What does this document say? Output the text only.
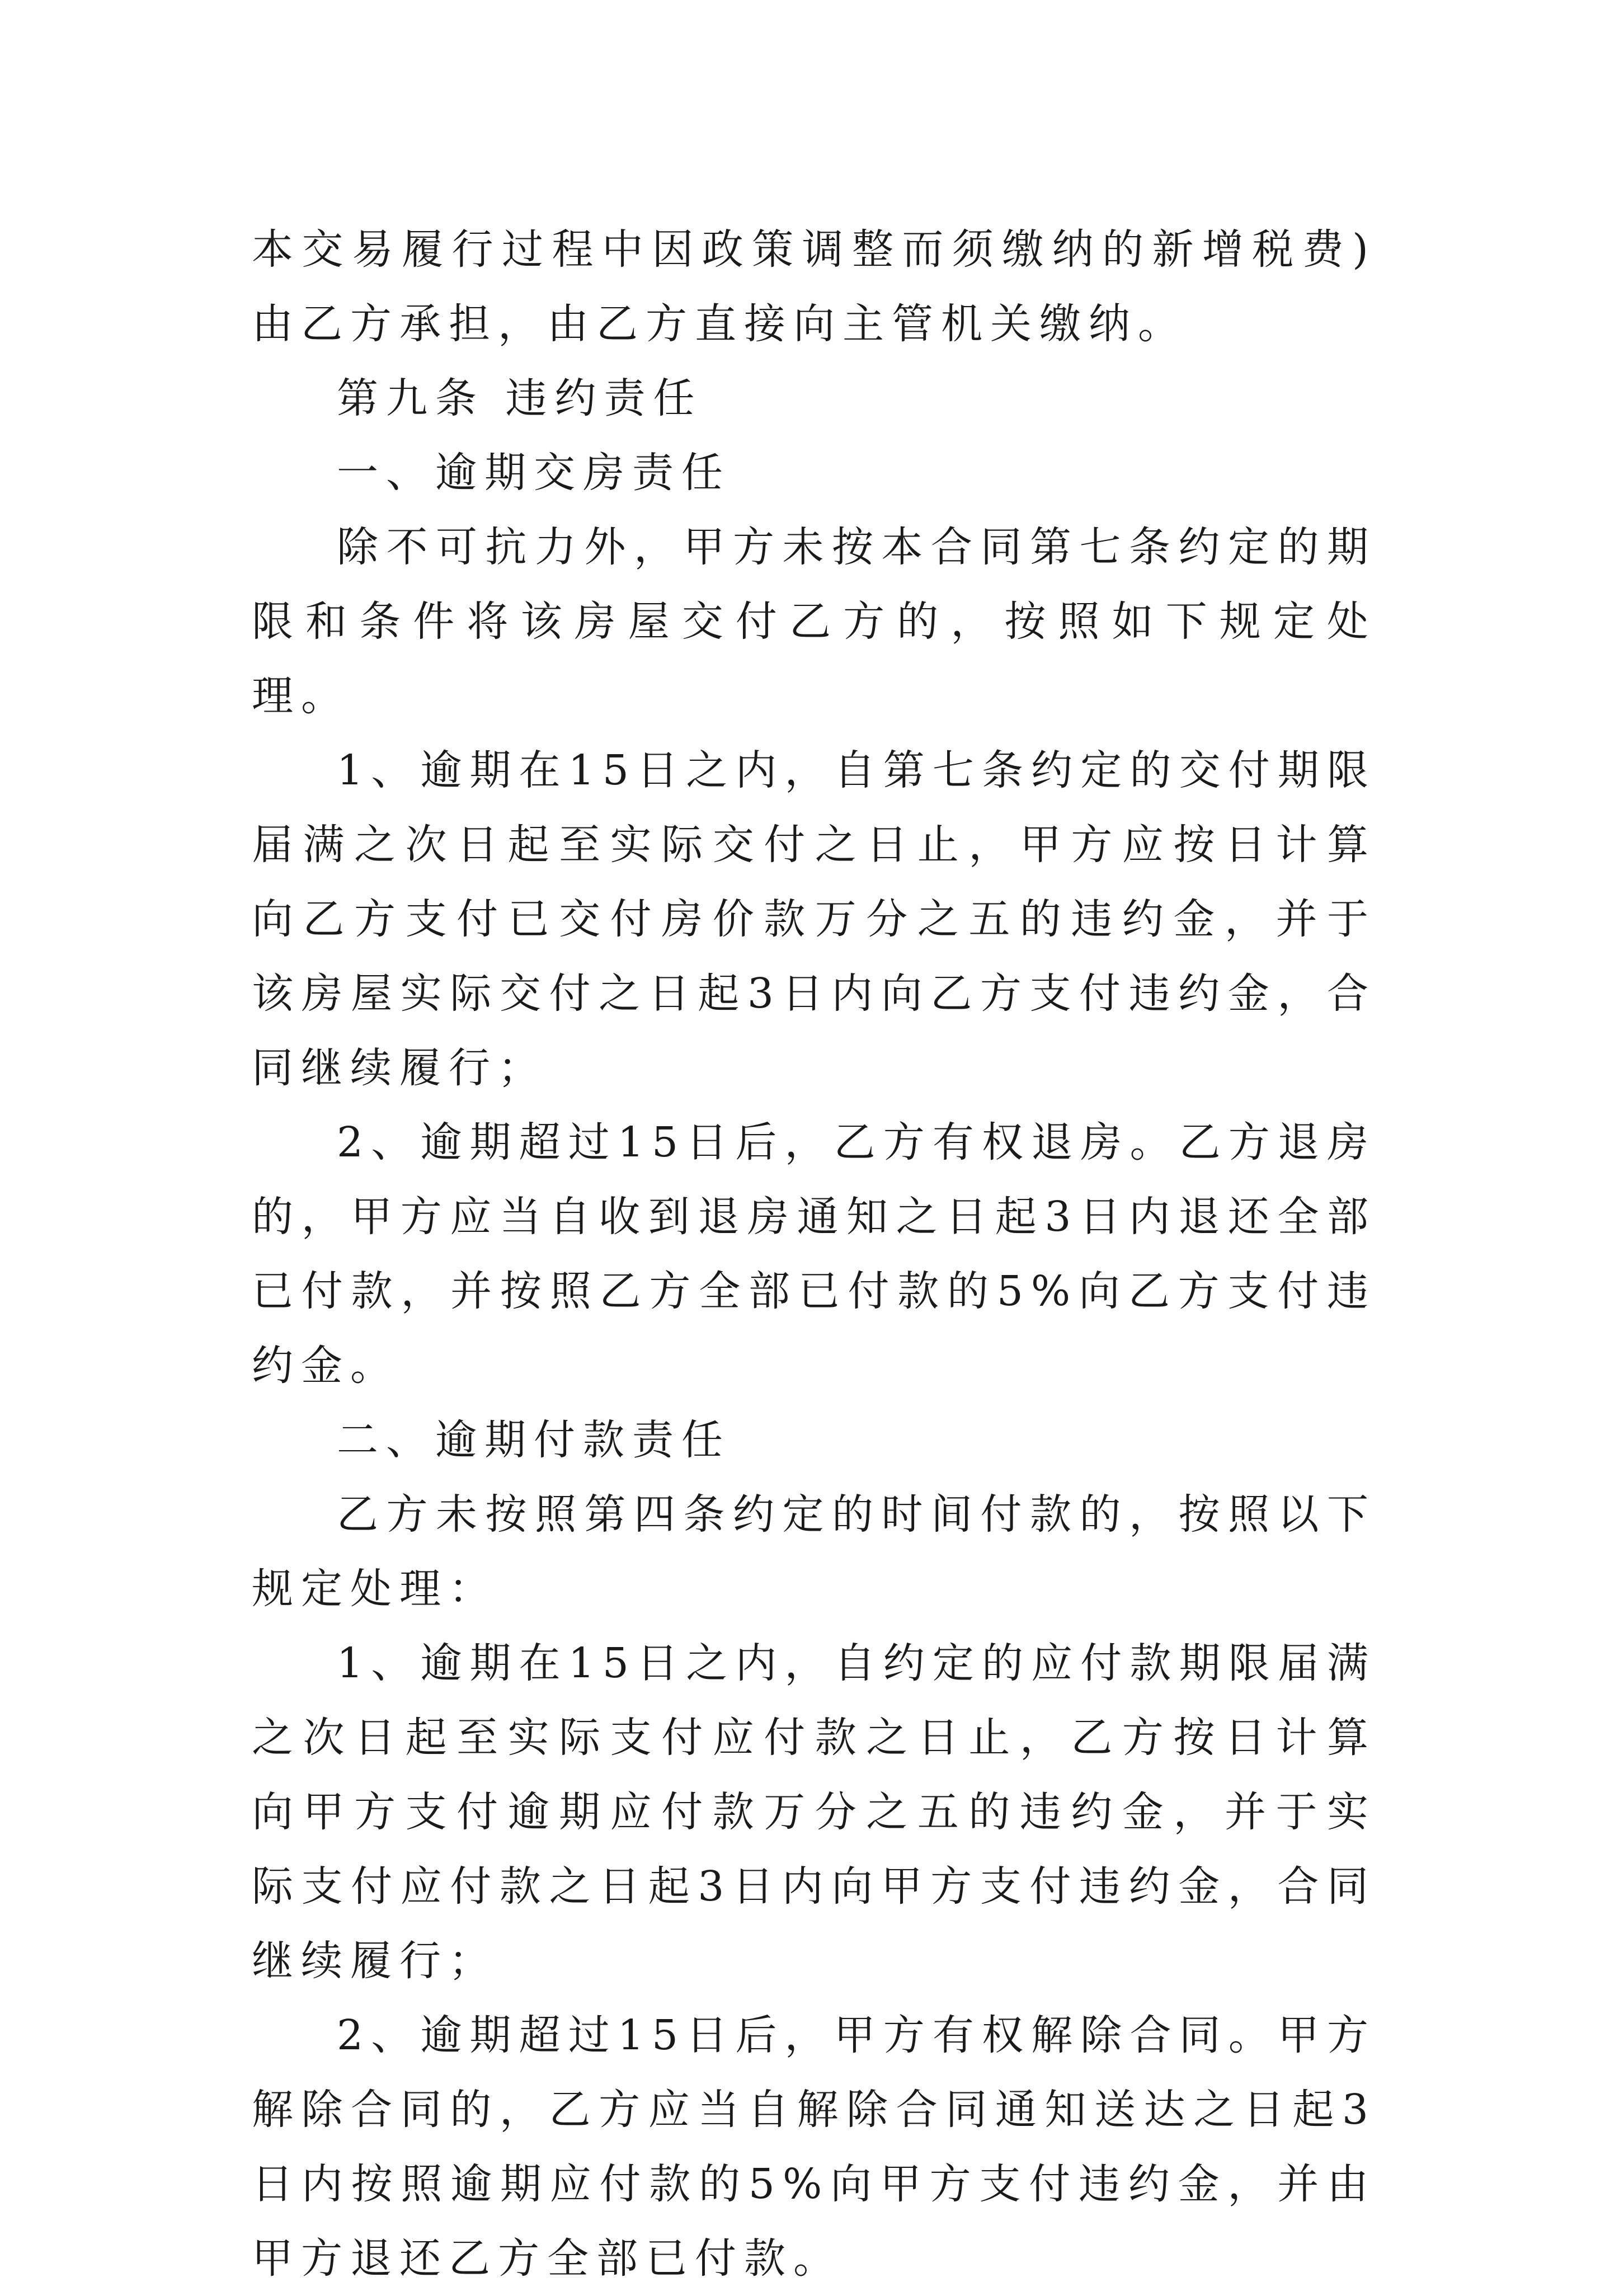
本交易履行过程中因政策调整而须缴纳的新增税费)由乙方承担，由乙方直接向主管机关缴纳。

第九条 违约责任

一、逾期交房责任

除不可抗力外，甲方未按本合同第七条约定的期限和条件将该房屋交付乙方的，按照如下规定处理。

1、逾期在15日之内，自第七条约定的交付期限届满之次日起至实际交付之日止，甲方应按日计算向乙方支付已交付房价款万分之五的违约金，并于该房屋实际交付之日起3日内向乙方支付违约金，合同继续履行；

2、逾期超过15日后，乙方有权退房。乙方退房的，甲方应当自收到退房通知之日起3日内退还全部已付款，并按照乙方全部已付款的5%向乙方支付违约金。

二、逾期付款责任

乙方未按照第四条约定的时间付款的，按照以下规定处理：

1、逾期在15日之内，自约定的应付款期限届满之次日起至实际支付应付款之日止，乙方按日计算向甲方支付逾期应付款万分之五的违约金，并于实际支付应付款之日起3日内向甲方支付违约金，合同继续履行；

2、逾期超过15日后，甲方有权解除合同。甲方解除合同的，乙方应当自解除合同通知送达之日起3日内按照逾期应付款的5%向甲方支付违约金，并由甲方退还乙方全部已付款。
